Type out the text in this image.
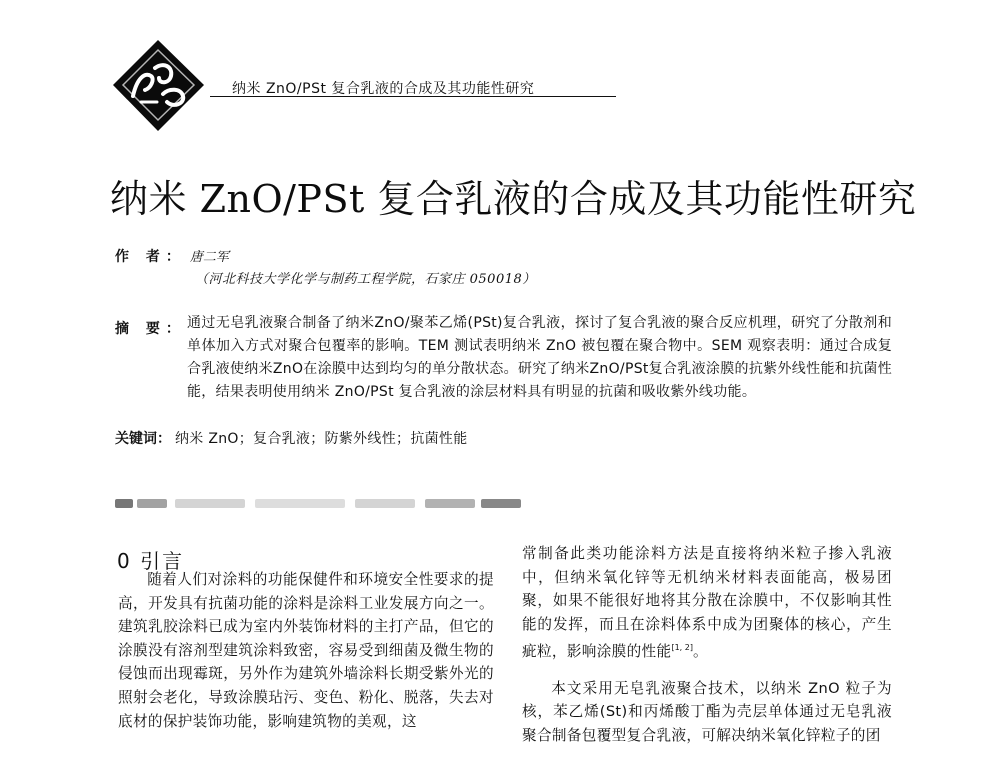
纳米 ZnO/PSt 复合乳液的合成及其功能性研究
纳米 ZnO/PSt 复合乳液的合成及其功能性研究
作 者： 唐二军
（河北科技大学化学与制药工程学院，石家庄 050018）
摘 要： 通过无皂乳液聚合制备了纳米ZnO/聚苯乙烯(PSt)复合乳液，探讨了复合乳液的聚合反应机理，研究了分散剂和单体加入方式对聚合包覆率的影响。TEM 测试表明纳米 ZnO 被包覆在聚合物中。SEM 观察表明：通过合成复合乳液使纳米ZnO在涂膜中达到均匀的单分散状态。研究了纳米ZnO/PSt复合乳液涂膜的抗紫外线性能和抗菌性能，结果表明使用纳米 ZnO/PSt 复合乳液的涂层材料具有明显的抗菌和吸收紫外线功能。
关键词： 纳米 ZnO；复合乳液；防紫外线性；抗菌性能
0 引言

随着人们对涂料的功能保健件和环境安全性要求的提高，开发具有抗菌功能的涂料是涂料工业发展方向之一。建筑乳胶涂料已成为室内外装饰材料的主打产品，但它的涂膜没有溶剂型建筑涂料致密，容易受到细菌及微生物的侵蚀而出现霉斑，另外作为建筑外墙涂料长期受紫外光的照射会老化，导致涂膜玷污、变色、粉化、脱落，失去对底材的保护装饰功能，影响建筑物的美观，这

常制备此类功能涂料方法是直接将纳米粒子掺入乳液中，但纳米氧化锌等无机纳米材料表面能高，极易团聚，如果不能很好地将其分散在涂膜中，不仅影响其性能的发挥，而且在涂料体系中成为团聚体的核心，产生疵粒，影响涂膜的性能[1, 2]。

本文采用无皂乳液聚合技术，以纳米 ZnO 粒子为核，苯乙烯(St)和丙烯酸丁酯为壳层单体通过无皂乳液聚合制备包覆型复合乳液，可解决纳米氧化锌粒子的团
